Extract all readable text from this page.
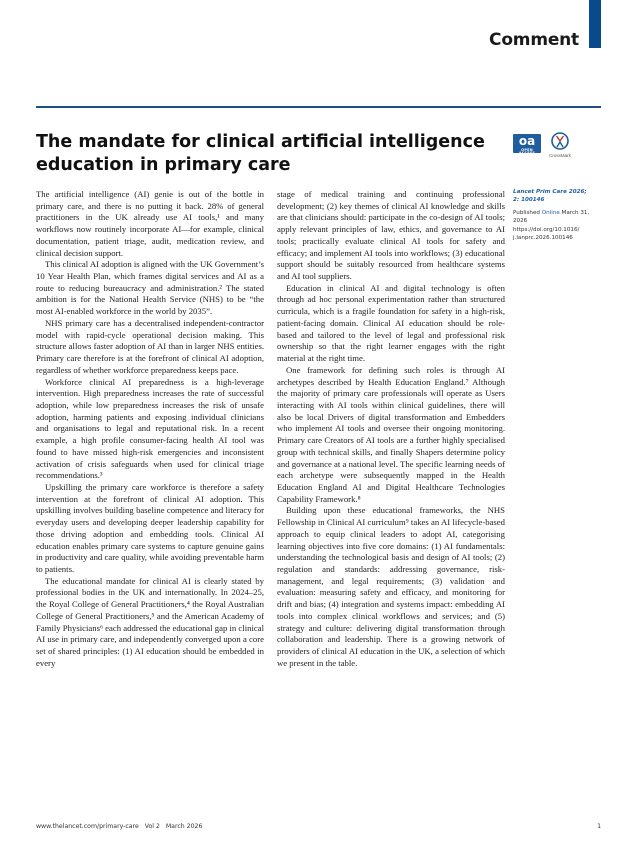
Comment
The mandate for clinical artificial intelligence education in primary care
oa
OPEN ACCESS	CrossMark
Lancet Prim Care 2026;
2: 100146
Published Online March 31,
2026
https://doi.org/10.1016/
j.lanprc.2026.100146

The artificial intelligence (AI) genie is out of the bottle in primary care, and there is no putting it back. 28% of general practitioners in the UK already use AI tools,¹ and many workflows now routinely incorporate AI—for example, clinical documentation, patient triage, audit, medication review, and clinical decision support.

This clinical AI adoption is aligned with the UK Government’s 10 Year Health Plan, which frames digital services and AI as a route to reducing bureaucracy and administration.² The stated ambition is for the National Health Service (NHS) to be “the most AI-enabled workforce in the world by 2035”.

NHS primary care has a decentralised independent-contractor model with rapid-cycle operational decision making. This structure allows faster adoption of AI than in larger NHS entities. Primary care therefore is at the forefront of clinical AI adoption, regardless of whether workforce preparedness keeps pace.

Workforce clinical AI preparedness is a high-leverage intervention. High preparedness increases the rate of successful adoption, while low preparedness increases the risk of unsafe adoption, harming patients and exposing individual clinicians and organisations to legal and reputational risk. In a recent example, a high profile consumer-facing health AI tool was found to have missed high-risk emergencies and inconsistent activation of crisis safeguards when used for clinical triage recommendations.³

Upskilling the primary care workforce is therefore a safety intervention at the forefront of clinical AI adoption. This upskilling involves building baseline competence and literacy for everyday users and developing deeper leadership capability for those driving adoption and embedding tools. Clinical AI education enables primary care systems to capture genuine gains in productivity and care quality, while avoiding preventable harm to patients.

The educational mandate for clinical AI is clearly stated by professional bodies in the UK and internationally. In 2024–25, the Royal College of General Practitioners,⁴ the Royal Australian College of General Practitioners,⁵ and the American Academy of Family Physicians⁶ each addressed the educational gap in clinical AI use in primary care, and independently converged upon a core set of shared principles: (1) AI education should be embedded in every

stage of medical training and continuing professional development; (2) key themes of clinical AI knowledge and skills are that clinicians should: participate in the co-design of AI tools; apply relevant principles of law, ethics, and governance to AI tools; practically evaluate clinical AI tools for safety and efficacy; and implement AI tools into workflows; (3) educational support should be suitably resourced from healthcare systems and AI tool suppliers.

Education in clinical AI and digital technology is often through ad hoc personal experimentation rather than structured curricula, which is a fragile foundation for safety in a high-risk, patient-facing domain. Clinical AI education should be role-based and tailored to the level of legal and professional risk ownership so that the right learner engages with the right material at the right time.

One framework for defining such roles is through AI archetypes described by Health Education England.⁷ Although the majority of primary care professionals will operate as Users interacting with AI tools within clinical guidelines, there will also be local Drivers of digital transformation and Embedders who implement AI tools and oversee their ongoing monitoring. Primary care Creators of AI tools are a further highly specialised group with technical skills, and finally Shapers determine policy and governance at a national level. The specific learning needs of each archetype were subsequently mapped in the Health Education England AI and Digital Healthcare Technologies Capability Framework.⁸

Building upon these educational frameworks, the NHS Fellowship in Clinical AI curriculum⁹ takes an AI lifecycle-based approach to equip clinical leaders to adopt AI, categorising learning objectives into five core domains: (1) AI fundamentals: understanding the technological basis and design of AI tools; (2) regulation and standards: addressing governance, risk-management, and legal requirements; (3) validation and evaluation: measuring safety and efficacy, and monitoring for drift and bias; (4) integration and systems impact: embedding AI tools into complex clinical workflows and services; and (5) strategy and culture: delivering digital transformation through collaboration and leadership. There is a growing network of providers of clinical AI education in the UK, a selection of which we present in the table.

www.thelancet.com/primary-care Vol 2 March 2026	1
